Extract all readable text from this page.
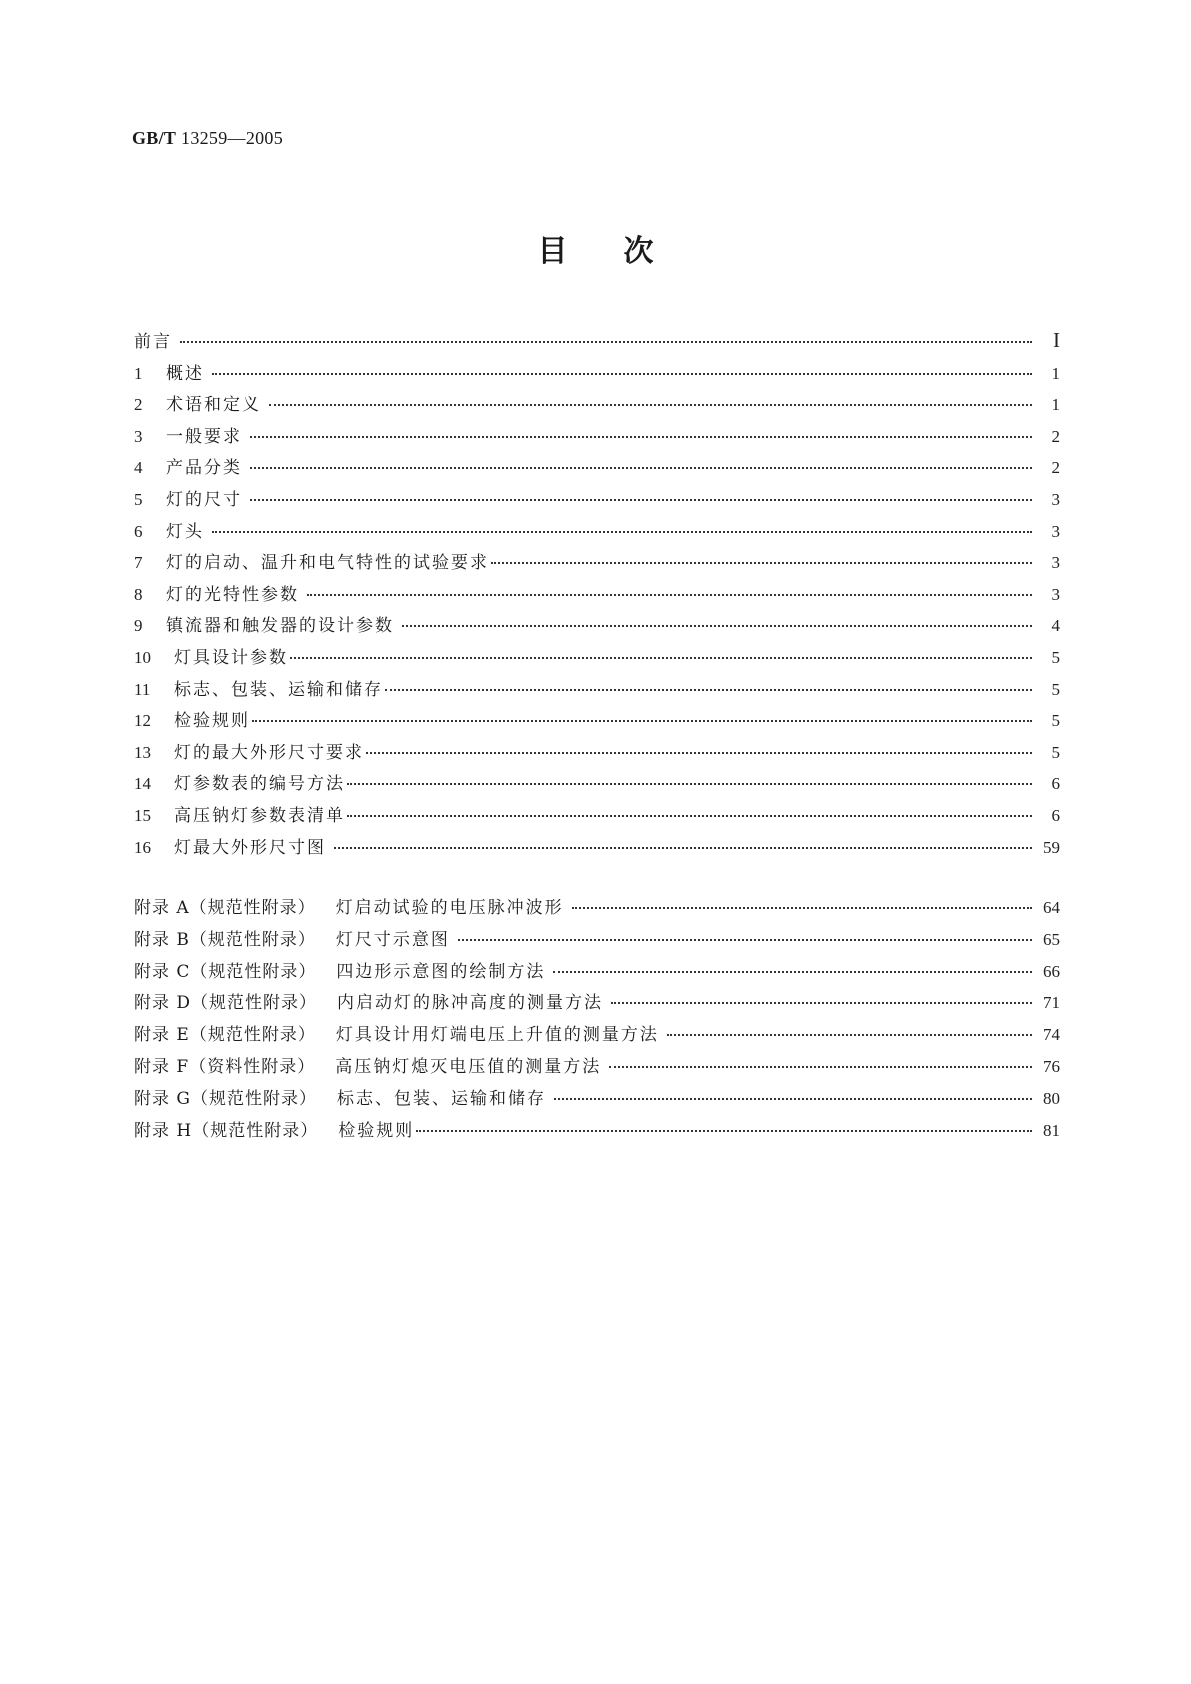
GB/T 13259—2005
目次
前言	I
1	概述	1
2	术语和定义	1
3	一般要求	2
4	产品分类	2
5	灯的尺寸	3
6	灯头	3
7	灯的启动、温升和电气特性的试验要求	3
8	灯的光特性参数	3
9	镇流器和触发器的设计参数	4
10	灯具设计参数	5
11	标志、包装、运输和储存	5
12	检验规则	5
13	灯的最大外形尺寸要求	5
14	灯参数表的编号方法	6
15	高压钠灯参数表清单	6
16	灯最大外形尺寸图	59
附录 A（规范性附录） 灯启动试验的电压脉冲波形	64
附录 B（规范性附录） 灯尺寸示意图	65
附录 C（规范性附录） 四边形示意图的绘制方法	66
附录 D（规范性附录） 内启动灯的脉冲高度的测量方法	71
附录 E（规范性附录） 灯具设计用灯端电压上升值的测量方法	74
附录 F（资料性附录） 高压钠灯熄灭电压值的测量方法	76
附录 G（规范性附录） 标志、包装、运输和储存	80
附录 H（规范性附录） 检验规则	81
